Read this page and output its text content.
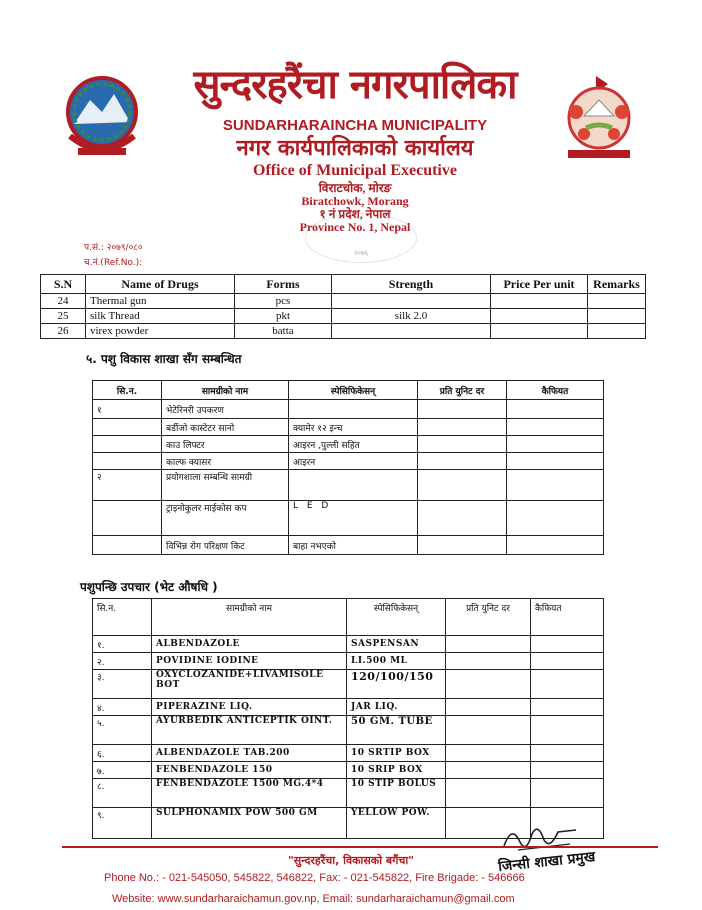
सुन्दरहरैंचा नगरपालिका
SUNDARHARAINCHA MUNICIPALITY
नगर कार्यपालिकाको कार्यालय
Office of Municipal Executive
विराटचोक, मोरङ
Biratchowk, Morang
१ नं प्रदेश, नेपाल
Province No. 1, Nepal
२०७६
प.सं.: २०७९/०८०
च.नं.(Ref.No.):
S.N	Name of Drugs	Forms	Strength	Price Per unit	Remarks
24	Thermal gun	pcs			
25	silk Thread	pkt	silk 2.0		
26	virex powder	batta			
५. पशु विकास शाखा सँग सम्बन्धित
सि.न.	सामग्रीको नाम	स्पेसिफिकेसन्	प्रति युनिट दर	कैफियत
१	भेटेरिनरी उपकरण			
	बर्डीजो कास्टेटर सानो	क्यामेर १२ इन्च		
	काउ लिफ्टर	आइरन ,पुल्ली सहित		
	काल्फ क्यासर	आइरन		
२	प्रयोगशाला सम्बन्धि सामग्री			
	ट्राइनोकुलर माईकोस कप	L E D		
	विभिन्न रोग परिक्षण किट	बाहा नभएको		
पशुपन्छि उपचार (भेट औषधि )
सि.न.	सामग्रीको नाम	स्पेसिफिकेसन्	प्रति युनिट दर	कैफियत
१.	ALBENDAZOLE	SASPENSAN		
२.	POVIDINE IODINE	LI.500 ML		
३.	OXYCLOZANIDE+LIVAMISOLE BOT	120/100/150		
४.	PIPERAZINE LIQ.	JAR LIQ.		
५.	AYURBEDIK ANTICEPTIK OINT.	50 GM. TUBE		
६.	ALBENDAZOLE TAB.200	10 SRTIP BOX		
७.	FENBENDAZOLE 150	10 SRIP BOX		
८.	FENBENDAZOLE 1500 MG.4*4	10 STIP BOLUS		
९.	SULPHONAMIX POW 500 GM	YELLOW POW.		
जिन्सी शाखा प्रमुख
"सुन्दरहरैंचा, विकासको बगैंचा"
Phone No.: - 021-545050, 545822, 546822, Fax: - 021-545822, Fire Brigade: - 546666
Website: www.sundarharaichamun.gov.np, Email: sundarharaichamun@gmail.com
